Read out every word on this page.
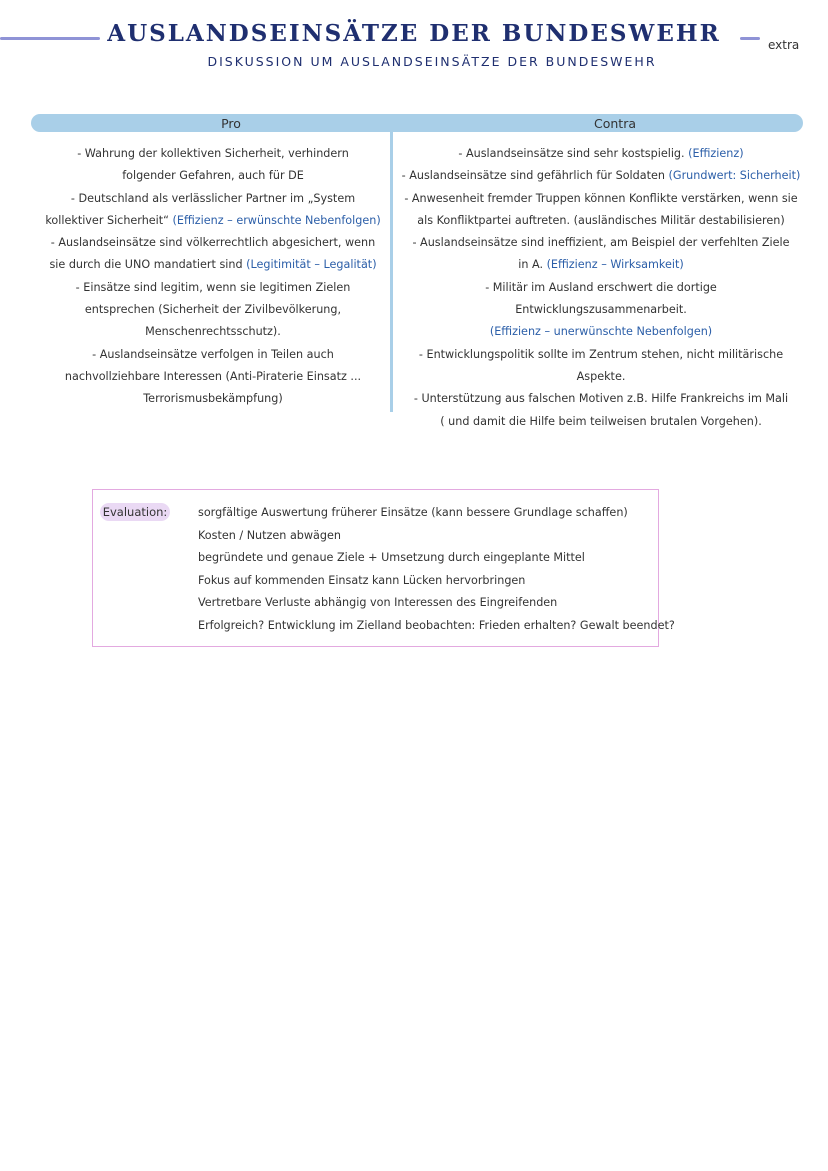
AUSLANDSEINSÄTZE DER BUNDESWEHR
DISKUSSION UM AUSLANDSEINSÄTZE DER BUNDESWEHR
extra
Pro	Contra
- Wahrung der kollektiven Sicherheit, verhindern
folgender Gefahren, auch für DE
- Deutschland als verlässlicher Partner im „System
kollektiver Sicherheit“ (Effizienz – erwünschte Nebenfolgen)
- Auslandseinsätze sind völkerrechtlich abgesichert, wenn
sie durch die UNO mandatiert sind (Legitimität – Legalität)
- Einsätze sind legitim, wenn sie legitimen Zielen
entsprechen (Sicherheit der Zivilbevölkerung,
Menschenrechtsschutz).
- Auslandseinsätze verfolgen in Teilen auch
nachvollziehbare Interessen (Anti-Piraterie Einsatz ...
Terrorismusbekämpfung)
- Auslandseinsätze sind sehr kostspielig. (Effizienz)
- Auslandseinsätze sind gefährlich für Soldaten (Grundwert: Sicherheit)
- Anwesenheit fremder Truppen können Konflikte verstärken, wenn sie
als Konfliktpartei auftreten. (ausländisches Militär destabilisieren)
- Auslandseinsätze sind ineffizient, am Beispiel der verfehlten Ziele
in A. (Effizienz – Wirksamkeit)
- Militär im Ausland erschwert die dortige Entwicklungszusammenarbeit.
(Effizienz – unerwünschte Nebenfolgen)
- Entwicklungspolitik sollte im Zentrum stehen, nicht militärische Aspekte.
- Unterstützung aus falschen Motiven z.B. Hilfe Frankreichs im Mali
( und damit die Hilfe beim teilweisen brutalen Vorgehen).
Evaluation:	sorgfältige Auswertung früherer Einsätze (kann bessere Grundlage schaffen)
Kosten / Nutzen abwägen
begründete und genaue Ziele + Umsetzung durch eingeplante Mittel
Fokus auf kommenden Einsatz kann Lücken hervorbringen
Vertretbare Verluste abhängig von Interessen des Eingreifenden
Erfolgreich? Entwicklung im Zielland beobachten: Frieden erhalten? Gewalt beendet?
